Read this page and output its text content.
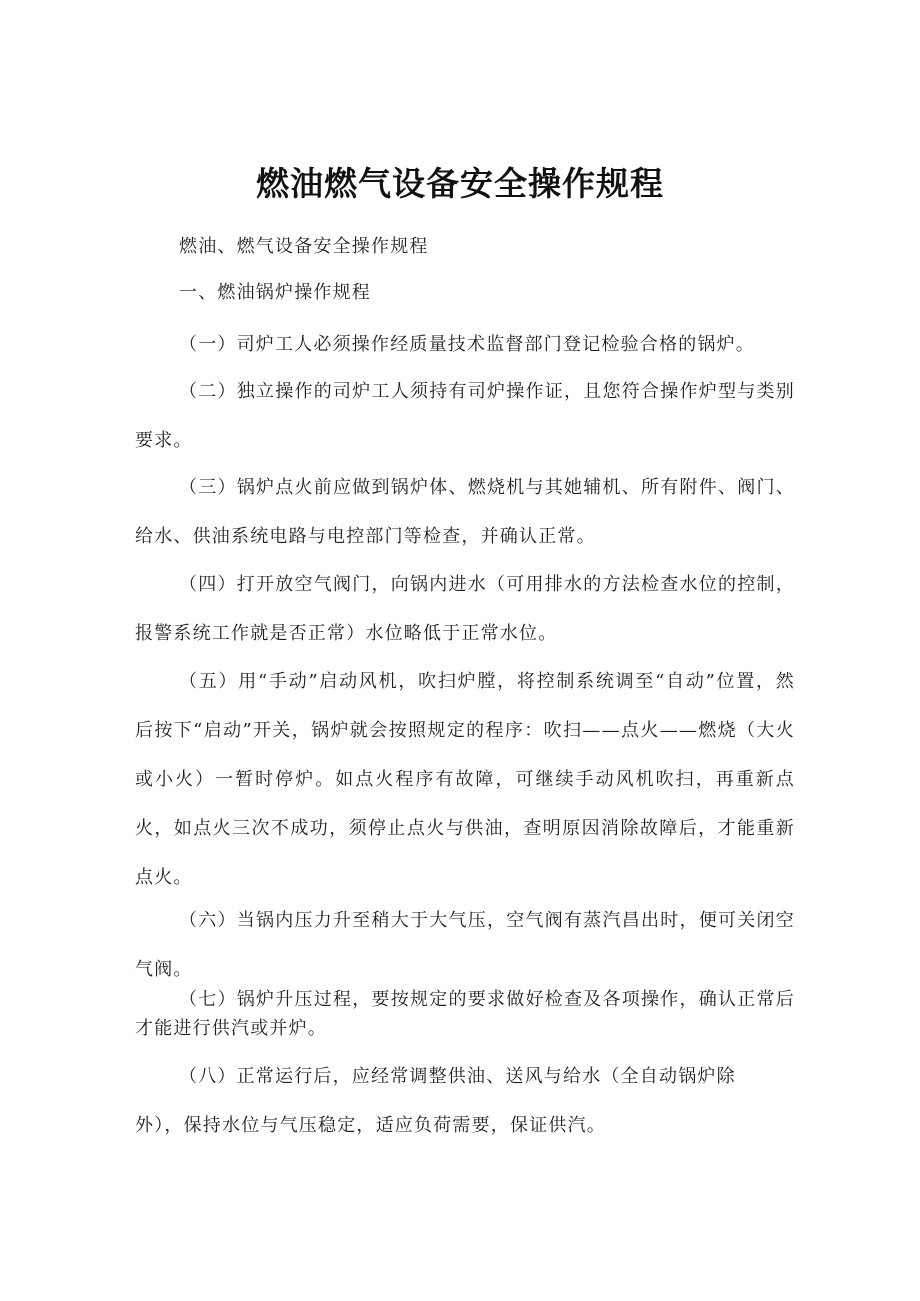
燃油燃气设备安全操作规程

燃油、燃气设备安全操作规程

一、燃油锅炉操作规程

（一）司炉工人必须操作经质量技术监督部门登记检验合格的锅炉。

（二）独立操作的司炉工人须持有司炉操作证，且您符合操作炉型与类别要求。

（三）锅炉点火前应做到锅炉体、燃烧机与其她辅机、所有附件、阀门、给水、供油系统电路与电控部门等检查，并确认正常。

（四）打开放空气阀门，向锅内进水（可用排水的方法检查水位的控制，报警系统工作就是否正常）水位略低于正常水位。

（五）用“手动”启动风机，吹扫炉膛，将控制系统调至“自动”位置，然后按下“启动”开关，锅炉就会按照规定的程序：吹扫——点火——燃烧（大火或小火）一暂时停炉。如点火程序有故障，可继续手动风机吹扫，再重新点火，如点火三次不成功，须停止点火与供油，查明原因消除故障后，才能重新点火。

（六）当锅内压力升至稍大于大气压，空气阀有蒸汽昌出时，便可关闭空气阀。

（七）锅炉升压过程，要按规定的要求做好检查及各项操作，确认正常后才能进行供汽或并炉。

（八）正常运行后，应经常调整供油、送风与给水（全自动锅炉除外），保持水位与气压稳定，适应负荷需要，保证供汽。
